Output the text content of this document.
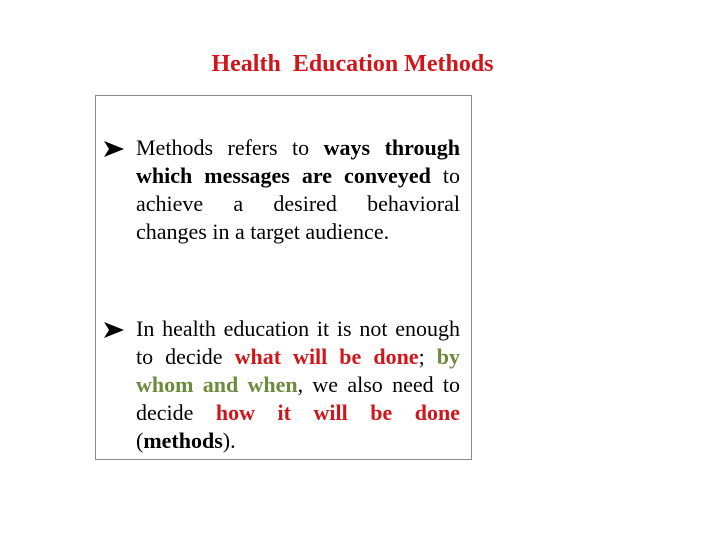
Health  Education Methods
Methods refers to ways through which messages are conveyed to achieve a desired behavioral changes in a target audience.
In health education it is not enough to decide what will be done; by whom and when, we also need to decide how it will be done (methods).
